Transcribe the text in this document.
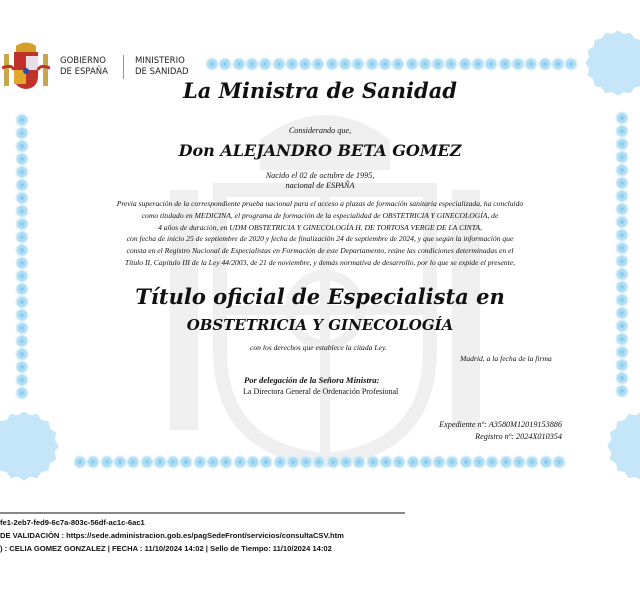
GOBIERNO
DE ESPAÑA
MINISTERIO
DE SANIDAD
La Ministra de Sanidad
Considerando que,
Don ALEJANDRO BETA GOMEZ
Nacido el 02 de octubre de 1995,
nacional de ESPAÑA
Previa superación de la correspondiente prueba nacional para el acceso a plazas de formación sanitaria especializada, ha concluido
como titulado en MEDICINA, el programa de formación de la especialidad de OBSTETRICIA Y GINECOLOGÍA, de
4 años de duración, en UDM OBSTETRICIA Y GINECOLOGÍA H. DE TORTOSA VERGE DE LA CINTA,
con fecha de inicio 25 de septiembre de 2020 y fecha de finalización 24 de septiembre de 2024, y que según la información que
consta en el Registro Nacional de Especialistas en Formación de este Departamento, reúne las condiciones determinadas en el
Título II, Capítulo III de la Ley 44/2003, de 21 de noviembre, y demás normativa de desarrollo, por lo que se expide el presente,
Título oficial de Especialista en
OBSTETRICIA Y GINECOLOGÍA
con los derechos que establece la citada Ley.
Madrid, a la fecha de la firma
Por delegación de la Señora Ministra:
La Directora General de Ordenación Profesional
Expediente nº: A3580M12019153886
Registro nº: 2024X010354
fe1-2eb7-fed9-6c7a-803c-56df-ac1c-6ac1
DE VALIDACIÓN : https://sede.administracion.gob.es/pagSedeFront/servicios/consultaCSV.htm
) : CELIA GOMEZ GONZALEZ | FECHA : 11/10/2024 14:02 | Sello de Tiempo: 11/10/2024 14:02
